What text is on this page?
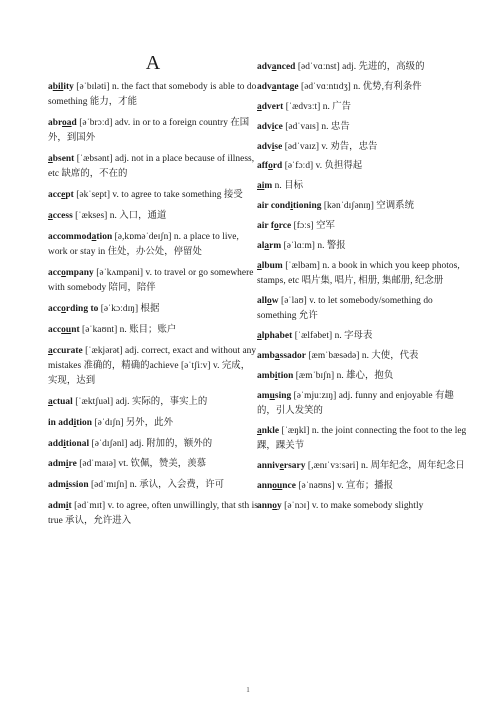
A
ability [əˈbɪləti] n. the fact that somebody is able to do something 能力，才能
abroad [əˈbrɔːd] adv. in or to a foreign country 在国外，到国外
absent [ˈæbsənt] adj. not in a place because of illness, etc 缺席的，不在的
accept [əkˈsept] v. to agree to take something 接受
access [ˈækses] n. 入口，通道
accommodation [ə,kɒməˈdeɪʃn] n. a place to live, work or stay in 住处，办公处，停留处
accompany [əˈkʌmpəni] v. to travel or go somewhere with somebody 陪同，陪伴
according to [əˈkɔːdɪŋ] 根据
account [əˈkaʊnt] n. 账目；账户
accurate [ˈækjərət] adj. correct, exact and without any mistakes 准确的，精确的achieve [əˈtʃiːv] v. 完成，实现，达到
actual [ˈæktʃuəl] adj. 实际的，事实上的
in addition [əˈdɪʃn] 另外，此外
additional [əˈdɪʃənl] adj. 附加的，额外的
admire [ədˈmaɪə] vt. 钦佩，赞美，羡慕
admission [ədˈmɪʃn] n. 承认，入会费，许可
admit [ədˈmɪt] v. to agree, often unwillingly, that sth is true 承认，允许进入
advanced [ədˈvɑːnst] adj. 先进的，高级的
advantage [ədˈvɑːntɪdʒ] n. 优势,有利条件
advert [ˈædvɜːt] n. 广告
advice [ədˈvaɪs] n. 忠告
advise [ədˈvaɪz] v. 劝告，忠告
afford [əˈfɔːd] v. 负担得起
aim n. 目标
air conditioning [kənˈdɪʃənɪŋ] 空调系统
air force [fɔːs] 空军
alarm [əˈlɑːm] n. 警报
album [ˈælbəm] n. a book in which you keep photos, stamps, etc 唱片集, 唱片, 相册, 集邮册, 纪念册
allow [əˈlaʊ] v. to let somebody/something do something 允许
alphabet [ˈælfəbet] n. 字母表
ambassador [æmˈbæsədə] n. 大使，代表
ambition [æmˈbɪʃn] n. 雄心，抱负
amusing [əˈmjuːzɪŋ] adj. funny and enjoyable 有趣的，引人发笑的
ankle [ˈæŋkl] n. the joint connecting the foot to the leg 踝，踝关节
anniversary [,ænɪˈvɜːsəri] n. 周年纪念，周年纪念日
announce [əˈnaʊns] v. 宣布；播报
annoy [əˈnɔɪ] v. to make somebody slightly
1
